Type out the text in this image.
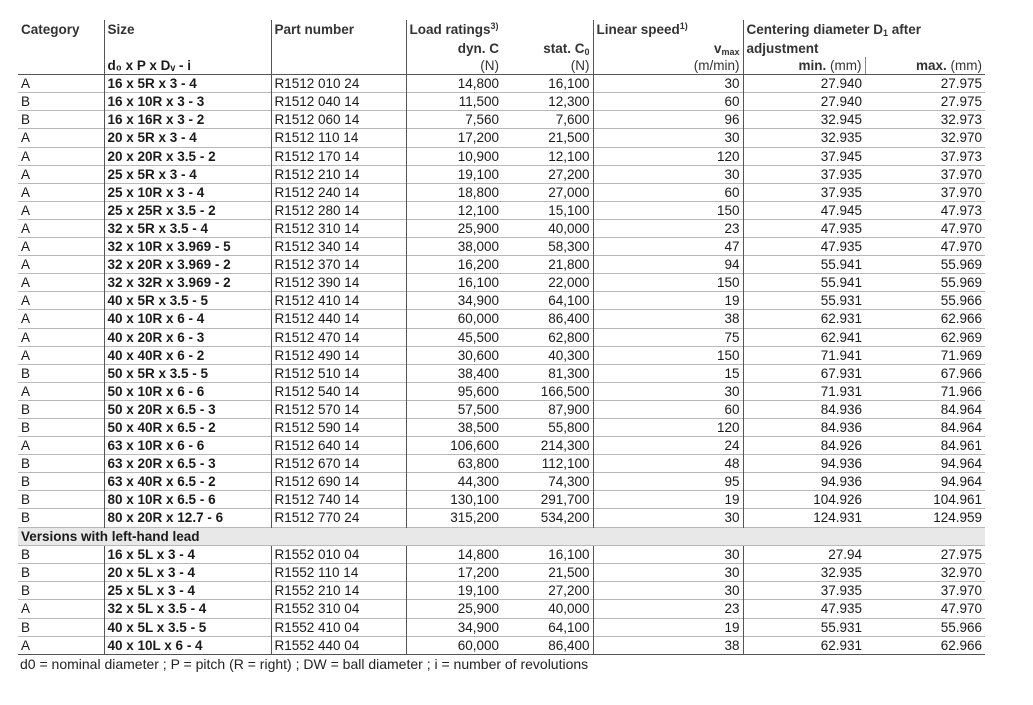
Category	Size	Part number	Load ratings$^{3)}$		Linear speed$^{1)}$	Centering diameter $D_1$ after	
			dyn. C	stat. $C_0$	$v_{max}$	adjustment	
	d₀ x P x Dᵥ - i		(N)	(N)	(m/min)	min. (mm)	max. (mm)
A	16 x 5R x 3 - 4	R1512 010 24	14,800	16,100	30	27.940	27.975
B	16 x 10R x 3 - 3	R1512 040 14	11,500	12,300	60	27.940	27.975
B	16 x 16R x 3 - 2	R1512 060 14	7,560	7,600	96	32.945	32.973
A	20 x 5R x 3 - 4	R1512 110 14	17,200	21,500	30	32.935	32.970
A	20 x 20R x 3.5 - 2	R1512 170 14	10,900	12,100	120	37.945	37.973
A	25 x 5R x 3 - 4	R1512 210 14	19,100	27,200	30	37.935	37.970
A	25 x 10R x 3 - 4	R1512 240 14	18,800	27,000	60	37.935	37.970
A	25 x 25R x 3.5 - 2	R1512 280 14	12,100	15,100	150	47.945	47.973
A	32 x 5R x 3.5 - 4	R1512 310 14	25,900	40,000	23	47.935	47.970
A	32 x 10R x 3.969 - 5	R1512 340 14	38,000	58,300	47	47.935	47.970
A	32 x 20R x 3.969 - 2	R1512 370 14	16,200	21,800	94	55.941	55.969
A	32 x 32R x 3.969 - 2	R1512 390 14	16,100	22,000	150	55.941	55.969
A	40 x 5R x 3.5 - 5	R1512 410 14	34,900	64,100	19	55.931	55.966
A	40 x 10R x 6 - 4	R1512 440 14	60,000	86,400	38	62.931	62.966
A	40 x 20R x 6 - 3	R1512 470 14	45,500	62,800	75	62.941	62.969
A	40 x 40R x 6 - 2	R1512 490 14	30,600	40,300	150	71.941	71.969
B	50 x 5R x 3.5 - 5	R1512 510 14	38,400	81,300	15	67.931	67.966
A	50 x 10R x 6 - 6	R1512 540 14	95,600	166,500	30	71.931	71.966
B	50 x 20R x 6.5 - 3	R1512 570 14	57,500	87,900	60	84.936	84.964
B	50 x 40R x 6.5 - 2	R1512 590 14	38,500	55,800	120	84.936	84.964
A	63 x 10R x 6 - 6	R1512 640 14	106,600	214,300	24	84.926	84.961
B	63 x 20R x 6.5 - 3	R1512 670 14	63,800	112,100	48	94.936	94.964
B	63 x 40R x 6.5 - 2	R1512 690 14	44,300	74,300	95	94.936	94.964
B	80 x 10R x 6.5 - 6	R1512 740 14	130,100	291,700	19	104.926	104.961
B	80 x 20R x 12.7 - 6	R1512 770 24	315,200	534,200	30	124.931	124.959
Versions with left-hand lead							
B	16 x 5L x 3 - 4	R1552 010 04	14,800	16,100	30	27.94	27.975
B	20 x 5L x 3 - 4	R1552 110 14	17,200	21,500	30	32.935	32.970
B	25 x 5L x 3 - 4	R1552 210 14	19,100	27,200	30	37.935	37.970
A	32 x 5L x 3.5 - 4	R1552 310 04	25,900	40,000	23	47.935	47.970
B	40 x 5L x 3.5 - 5	R1552 410 04	34,900	64,100	19	55.931	55.966
A	40 x 10L x 6 - 4	R1552 440 04	60,000	86,400	38	62.931	62.966
d0 = nominal diameter ; P = pitch (R = right) ; DW = ball diameter ; i = number of revolutions
